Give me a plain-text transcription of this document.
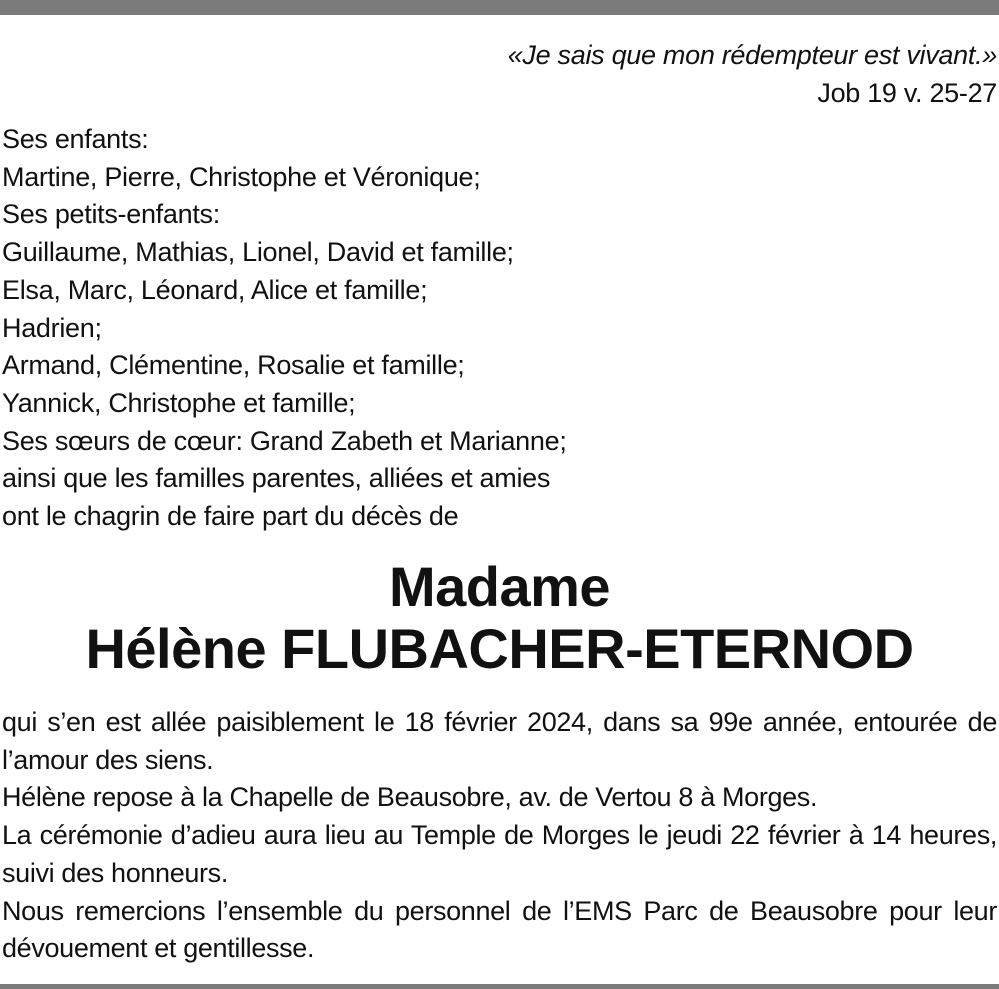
«Je sais que mon rédempteur est vivant.»
Job 19 v. 25-27
Ses enfants:
Martine, Pierre, Christophe et Véronique;
Ses petits-enfants:
Guillaume, Mathias, Lionel, David et famille;
Elsa, Marc, Léonard, Alice et famille;
Hadrien;
Armand, Clémentine, Rosalie et famille;
Yannick, Christophe et famille;
Ses sœurs de cœur: Grand Zabeth et Marianne;
ainsi que les familles parentes, alliées et amies
ont le chagrin de faire part du décès de
Madame
Hélène FLUBACHER-ETERNOD

qui s’en est allée paisiblement le 18 février 2024, dans sa 99e année, entourée de l’amour des siens.

Hélène repose à la Chapelle de Beausobre, av. de Vertou 8 à Morges.

La cérémonie d’adieu aura lieu au Temple de Morges le jeudi 22 février à 14 heures, suivi des honneurs.

Nous remercions l’ensemble du personnel de l’EMS Parc de Beausobre pour leur dévouement et gentillesse.
